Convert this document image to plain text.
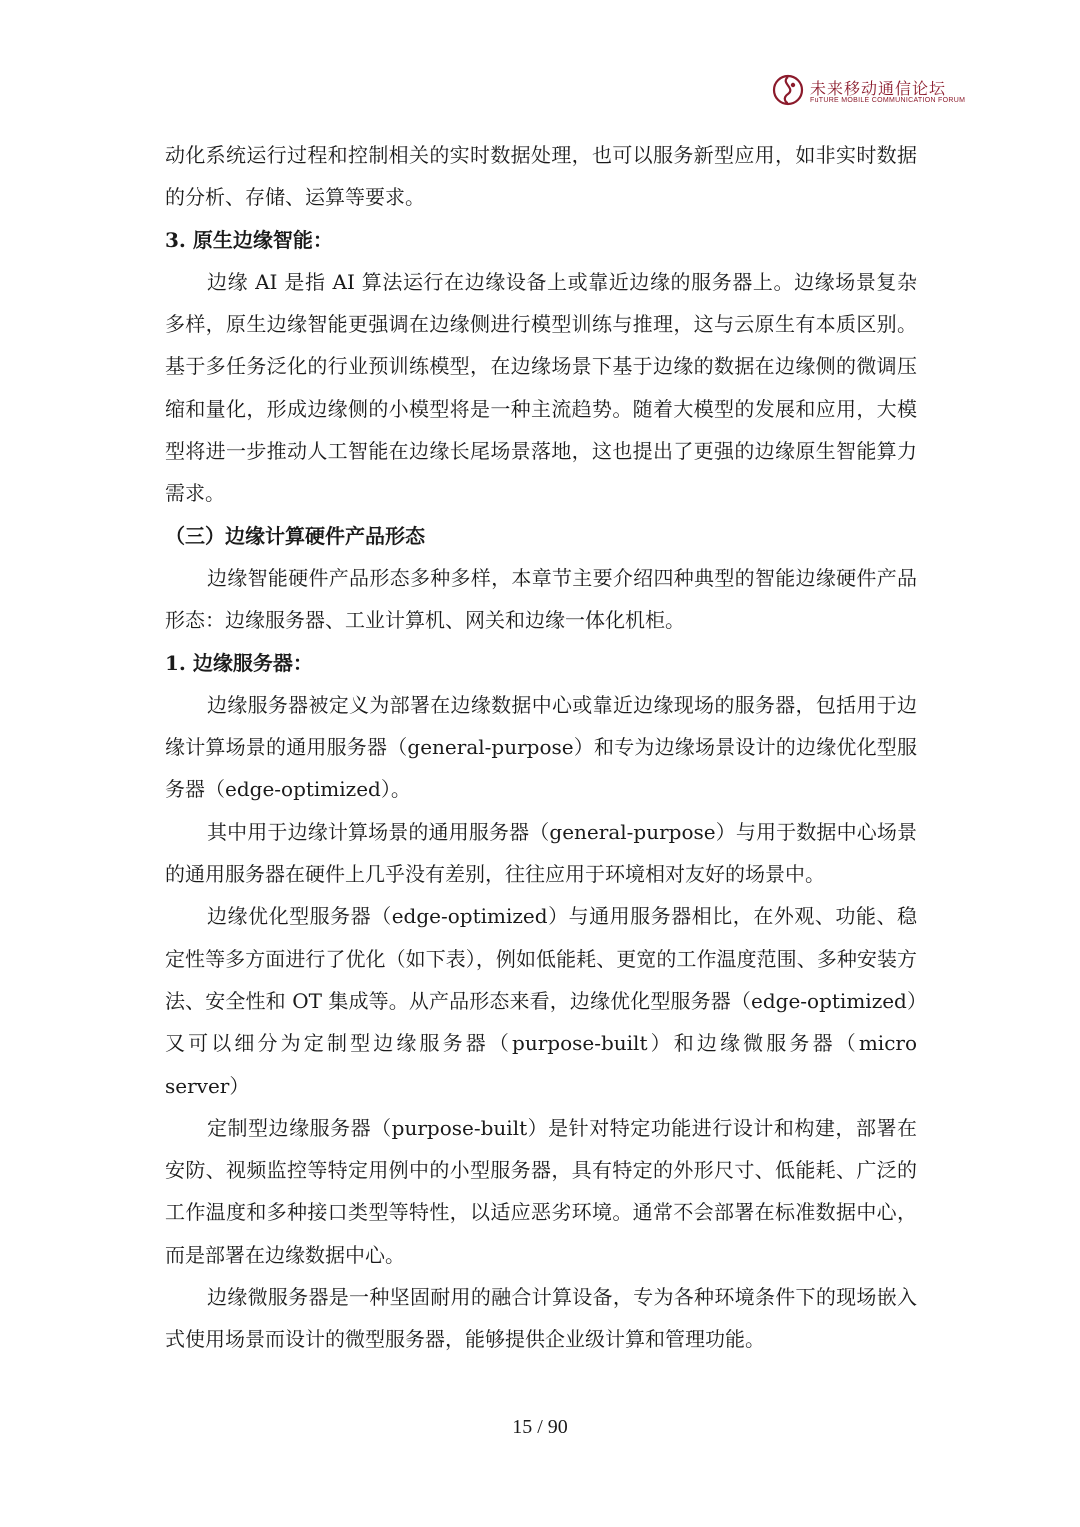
未来移动通信论坛
FuTURE MOBILE COMMUNICATION FORUM

动化系统运行过程和控制相关的实时数据处理，也可以服务新型应用，如非实时数据的分析、存储、运算等要求。

3. 原生边缘智能：

边缘 AI 是指 AI 算法运行在边缘设备上或靠近边缘的服务器上。边缘场景复杂多样，原生边缘智能更强调在边缘侧进行模型训练与推理，这与云原生有本质区别。基于多任务泛化的行业预训练模型，在边缘场景下基于边缘的数据在边缘侧的微调压缩和量化，形成边缘侧的小模型将是一种主流趋势。随着大模型的发展和应用，大模型将进一步推动人工智能在边缘长尾场景落地，这也提出了更强的边缘原生智能算力需求。

（三）边缘计算硬件产品形态

边缘智能硬件产品形态多种多样，本章节主要介绍四种典型的智能边缘硬件产品形态：边缘服务器、工业计算机、网关和边缘一体化机柜。

1. 边缘服务器：

边缘服务器被定义为部署在边缘数据中心或靠近边缘现场的服务器，包括用于边缘计算场景的通用服务器（general-purpose）和专为边缘场景设计的边缘优化型服务器（edge-optimized）。

其中用于边缘计算场景的通用服务器（general-purpose）与用于数据中心场景的通用服务器在硬件上几乎没有差别，往往应用于环境相对友好的场景中。

边缘优化型服务器（edge-optimized）与通用服务器相比，在外观、功能、稳定性等多方面进行了优化（如下表），例如低能耗、更宽的工作温度范围、多种安装方法、安全性和 OT 集成等。从产品形态来看，边缘优化型服务器（edge-optimized）又可以细分为定制型边缘服务器（purpose-built）和边缘微服务器（micro server）

定制型边缘服务器（purpose-built）是针对特定功能进行设计和构建，部署在安防、视频监控等特定用例中的小型服务器，具有特定的外形尺寸、低能耗、广泛的工作温度和多种接口类型等特性，以适应恶劣环境。通常不会部署在标准数据中心，而是部署在边缘数据中心。

边缘微服务器是一种坚固耐用的融合计算设备，专为各种环境条件下的现场嵌入式使用场景而设计的微型服务器，能够提供企业级计算和管理功能。

15 / 90
